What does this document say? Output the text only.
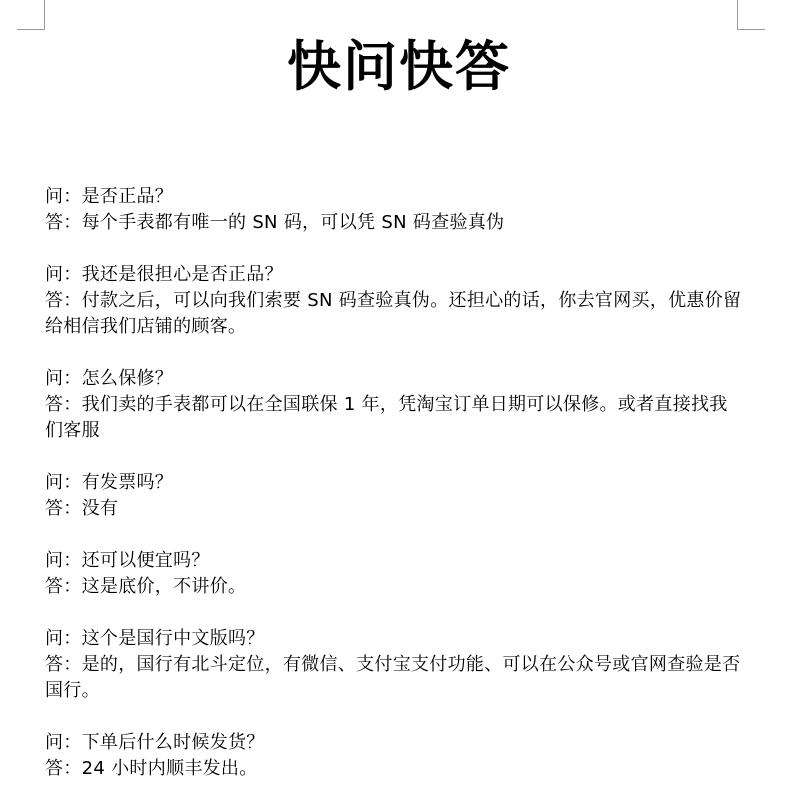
快问快答

问：是否正品？

答：每个手表都有唯一的 SN 码，可以凭 SN 码查验真伪

问：我还是很担心是否正品？

答：付款之后，可以向我们索要 SN 码查验真伪。还担心的话，你去官网买，优惠价留给相信我们店铺的顾客。

问：怎么保修？

答：我们卖的手表都可以在全国联保 1 年，凭淘宝订单日期可以保修。或者直接找我们客服

问：有发票吗？

答：没有

问：还可以便宜吗？

答：这是底价，不讲价。

问：这个是国行中文版吗？

答：是的，国行有北斗定位，有微信、支付宝支付功能、可以在公众号或官网查验是否国行。

问：下单后什么时候发货？

答：24 小时内顺丰发出。
